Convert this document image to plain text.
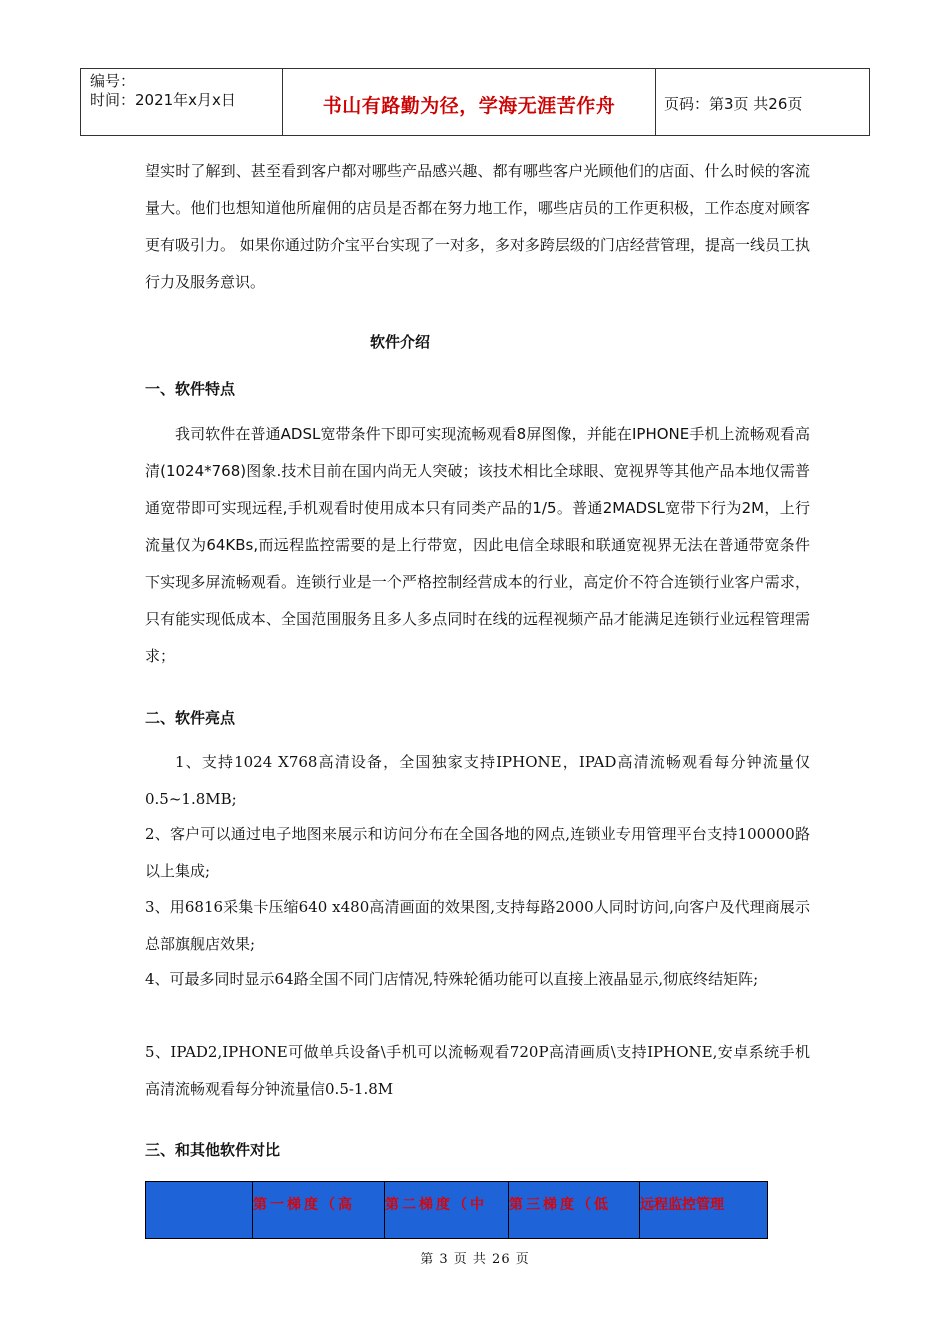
编号：
时间：2021年x月x日	书山有路勤为径，学海无涯苦作舟	页码：第3页 共26页
望实时了解到、甚至看到客户都对哪些产品感兴趣、都有哪些客户光顾他们的店面、什么时候的客流量大。他们也想知道他所雇佣的店员是否都在努力地工作，哪些店员的工作更积极，工作态度对顾客更有吸引力。 如果你通过防介宝平台实现了一对多，多对多跨层级的门店经营管理，提高一线员工执行力及服务意识。
软件介绍
一、软件特点
我司软件在普通ADSL宽带条件下即可实现流畅观看8屏图像，并能在IPHONE手机上流畅观看高清(1024*768)图象.技术目前在国内尚无人突破；该技术相比全球眼、宽视界等其他产品本地仅需普通宽带即可实现远程,手机观看时使用成本只有同类产品的1/5。普通2MADSL宽带下行为2M，上行流量仅为64KBs,而远程监控需要的是上行带宽，因此电信全球眼和联通宽视界无法在普通带宽条件下实现多屏流畅观看。连锁行业是一个严格控制经营成本的行业，高定价不符合连锁行业客户需求，只有能实现低成本、全国范围服务且多人多点同时在线的远程视频产品才能满足连锁行业远程管理需求；
二、软件亮点
1、支持1024 X768高清设备，全国独家支持IPHONE，IPAD高清流畅观看每分钟流量仅0.5~1.8MB;
2、客户可以通过电子地图来展示和访问分布在全国各地的网点,连锁业专用管理平台支持100000路以上集成;
3、用6816采集卡压缩640 x480高清画面的效果图,支持每路2000人同时访问,向客户及代理商展示总部旗舰店效果;
4、可最多同时显示64路全国不同门店情况,特殊轮循功能可以直接上液晶显示,彻底终结矩阵;
5、IPAD2,IPHONE可做单兵设备\手机可以流畅观看720P高清画质\支持IPHONE,安卓系统手机高清流畅观看每分钟流量信0.5-1.8M
三、和其他软件对比
	第一梯度（高	第二梯度（中	第三梯度（低	远程监控管理
第 3 页 共 26 页
